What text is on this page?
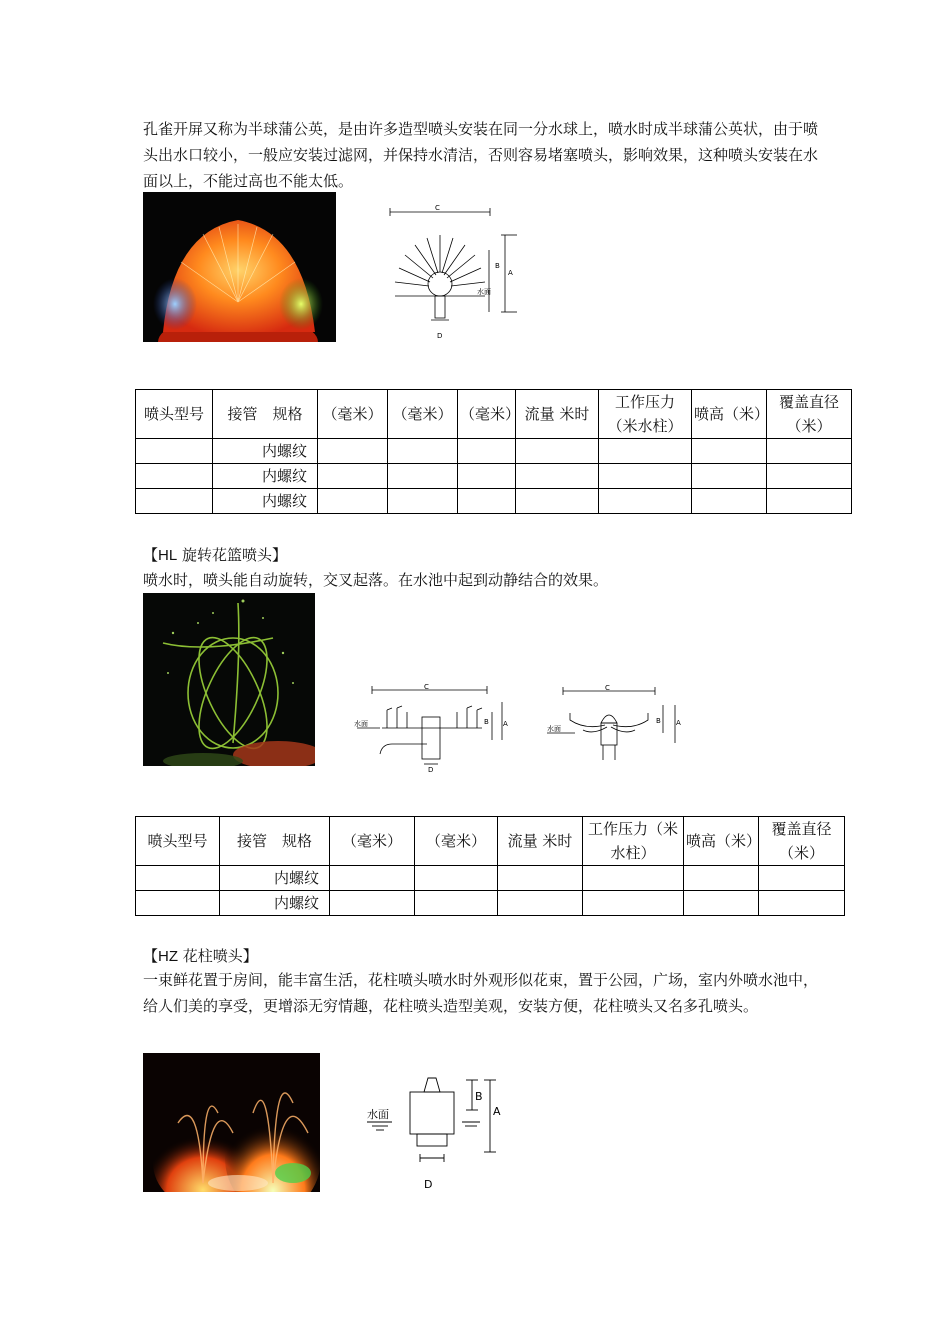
孔雀开屏又称为半球蒲公英，是由许多造型喷头安装在同一分水球上，喷水时成半球蒲公英状，由于喷头出水口较小，一般应安装过滤网，并保持水清洁，否则容易堵塞喷头，影响效果，这种喷头安装在水面以上，不能过高也不能太低。

C
B
A
水面
D
喷头型号	接管　规格	（毫米）	（毫米）	（毫米）	流量 米时	工作压力（米水柱）	喷高（米）	覆盖直径（米）
	内螺纹							
	内螺纹							
	内螺纹							

【HL 旋转花篮喷头】

喷水时，喷头能自动旋转，交叉起落。在水池中起到动静结合的效果。

C
水面	B A
D
C
水面
B A
喷头型号	接管　规格	（毫米）	（毫米）	流量 米时	工作压力（米水柱）	喷高（米）	覆盖直径（米）
	内螺纹						
	内螺纹						

【HZ 花柱喷头】

一束鲜花置于房间，能丰富生活，花柱喷头喷水时外观形似花束，置于公园，广场，室内外喷水池中，给人们美的享受，更增添无穷情趣，花柱喷头造型美观，安装方便，花柱喷头又名多孔喷头。

水面
B
A
D
